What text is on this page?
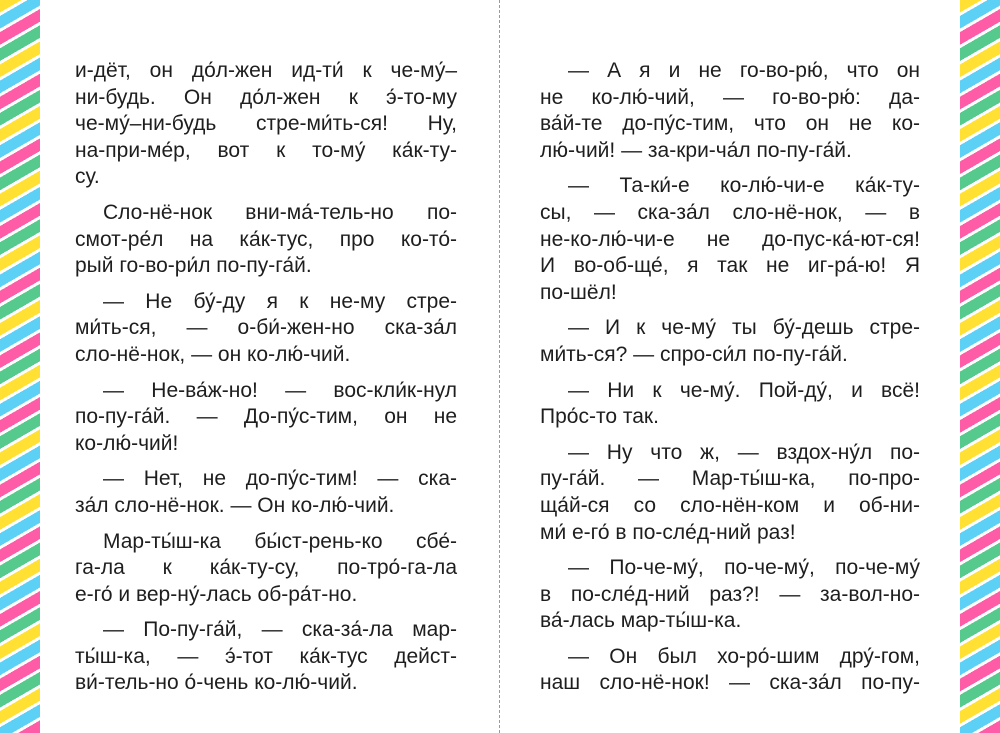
и-дёт, он до́л-жен ид-ти́ к че-му́–
ни-будь. Он до́л-жен к э́-то-му
че-му́–ни-будь стре-ми́ть-ся! Ну,
на-при-ме́р, вот к то-му́ ка́к-ту-
су.
Сло-нё-нок вни-ма́-тель-но по-
смот-ре́л на ка́к-тус, про ко-то́-
рый го-во-ри́л по-пу-га́й.
— Не бу́-ду я к не-му стре-
ми́ть-ся, — о-би́-жен-но ска-за́л
сло-нё-нок, — он ко-лю́-чий.
— Не-ва́ж-но! — вос-кли́к-нул
по-пу-га́й. — До-пу́с-тим, он не
ко-лю́-чий!
— Нет, не до-пу́с-тим! — ска-
за́л сло-нё-нок. — Он ко-лю́-чий.
Мар-ты́ш-ка бы́ст-рень-ко сбе́-
га-ла к ка́к-ту-су, по-тро́-га-ла
е-го́ и вер-ну́-лась об-ра́т-но.
— По-пу-га́й, — ска-за́-ла мар-
ты́ш-ка, — э́-тот ка́к-тус дейст-
ви́-тель-но о́-чень ко-лю́-чий.
— А я и не го-во-рю́, что он
не ко-лю́-чий, — го-во-рю́: да-
ва́й-те до-пу́с-тим, что он не ко-
лю́-чий! — за-кри-ча́л по-пу-га́й.
— Та-ки́-е ко-лю́-чи-е ка́к-ту-
сы, — ска-за́л сло-нё-нок, — в
не-ко-лю́-чи-е не до-пус-ка́-ют-ся!
И во-об-ще́, я так не иг-ра́-ю! Я
по-шёл!
— И к че-му́ ты бу́-дешь стре-
ми́ть-ся? — спро-си́л по-пу-га́й.
— Ни к че-му́. Пой-ду́, и всё!
Про́с-то так.
— Ну что ж, — вздох-ну́л по-
пу-га́й. — Мар-ты́ш-ка, по-про-
ща́й-ся со сло-нён-ком и об-ни-
ми́ е-го́ в по-сле́д-ний раз!
— По-че-му́, по-че-му́, по-че-му́
в по-сле́д-ний раз?! — за-вол-но-
ва́-лась мар-ты́ш-ка.
— Он был хо-ро́-шим дру́-гом,
наш сло-нё-нок! — ска-за́л по-пу-
